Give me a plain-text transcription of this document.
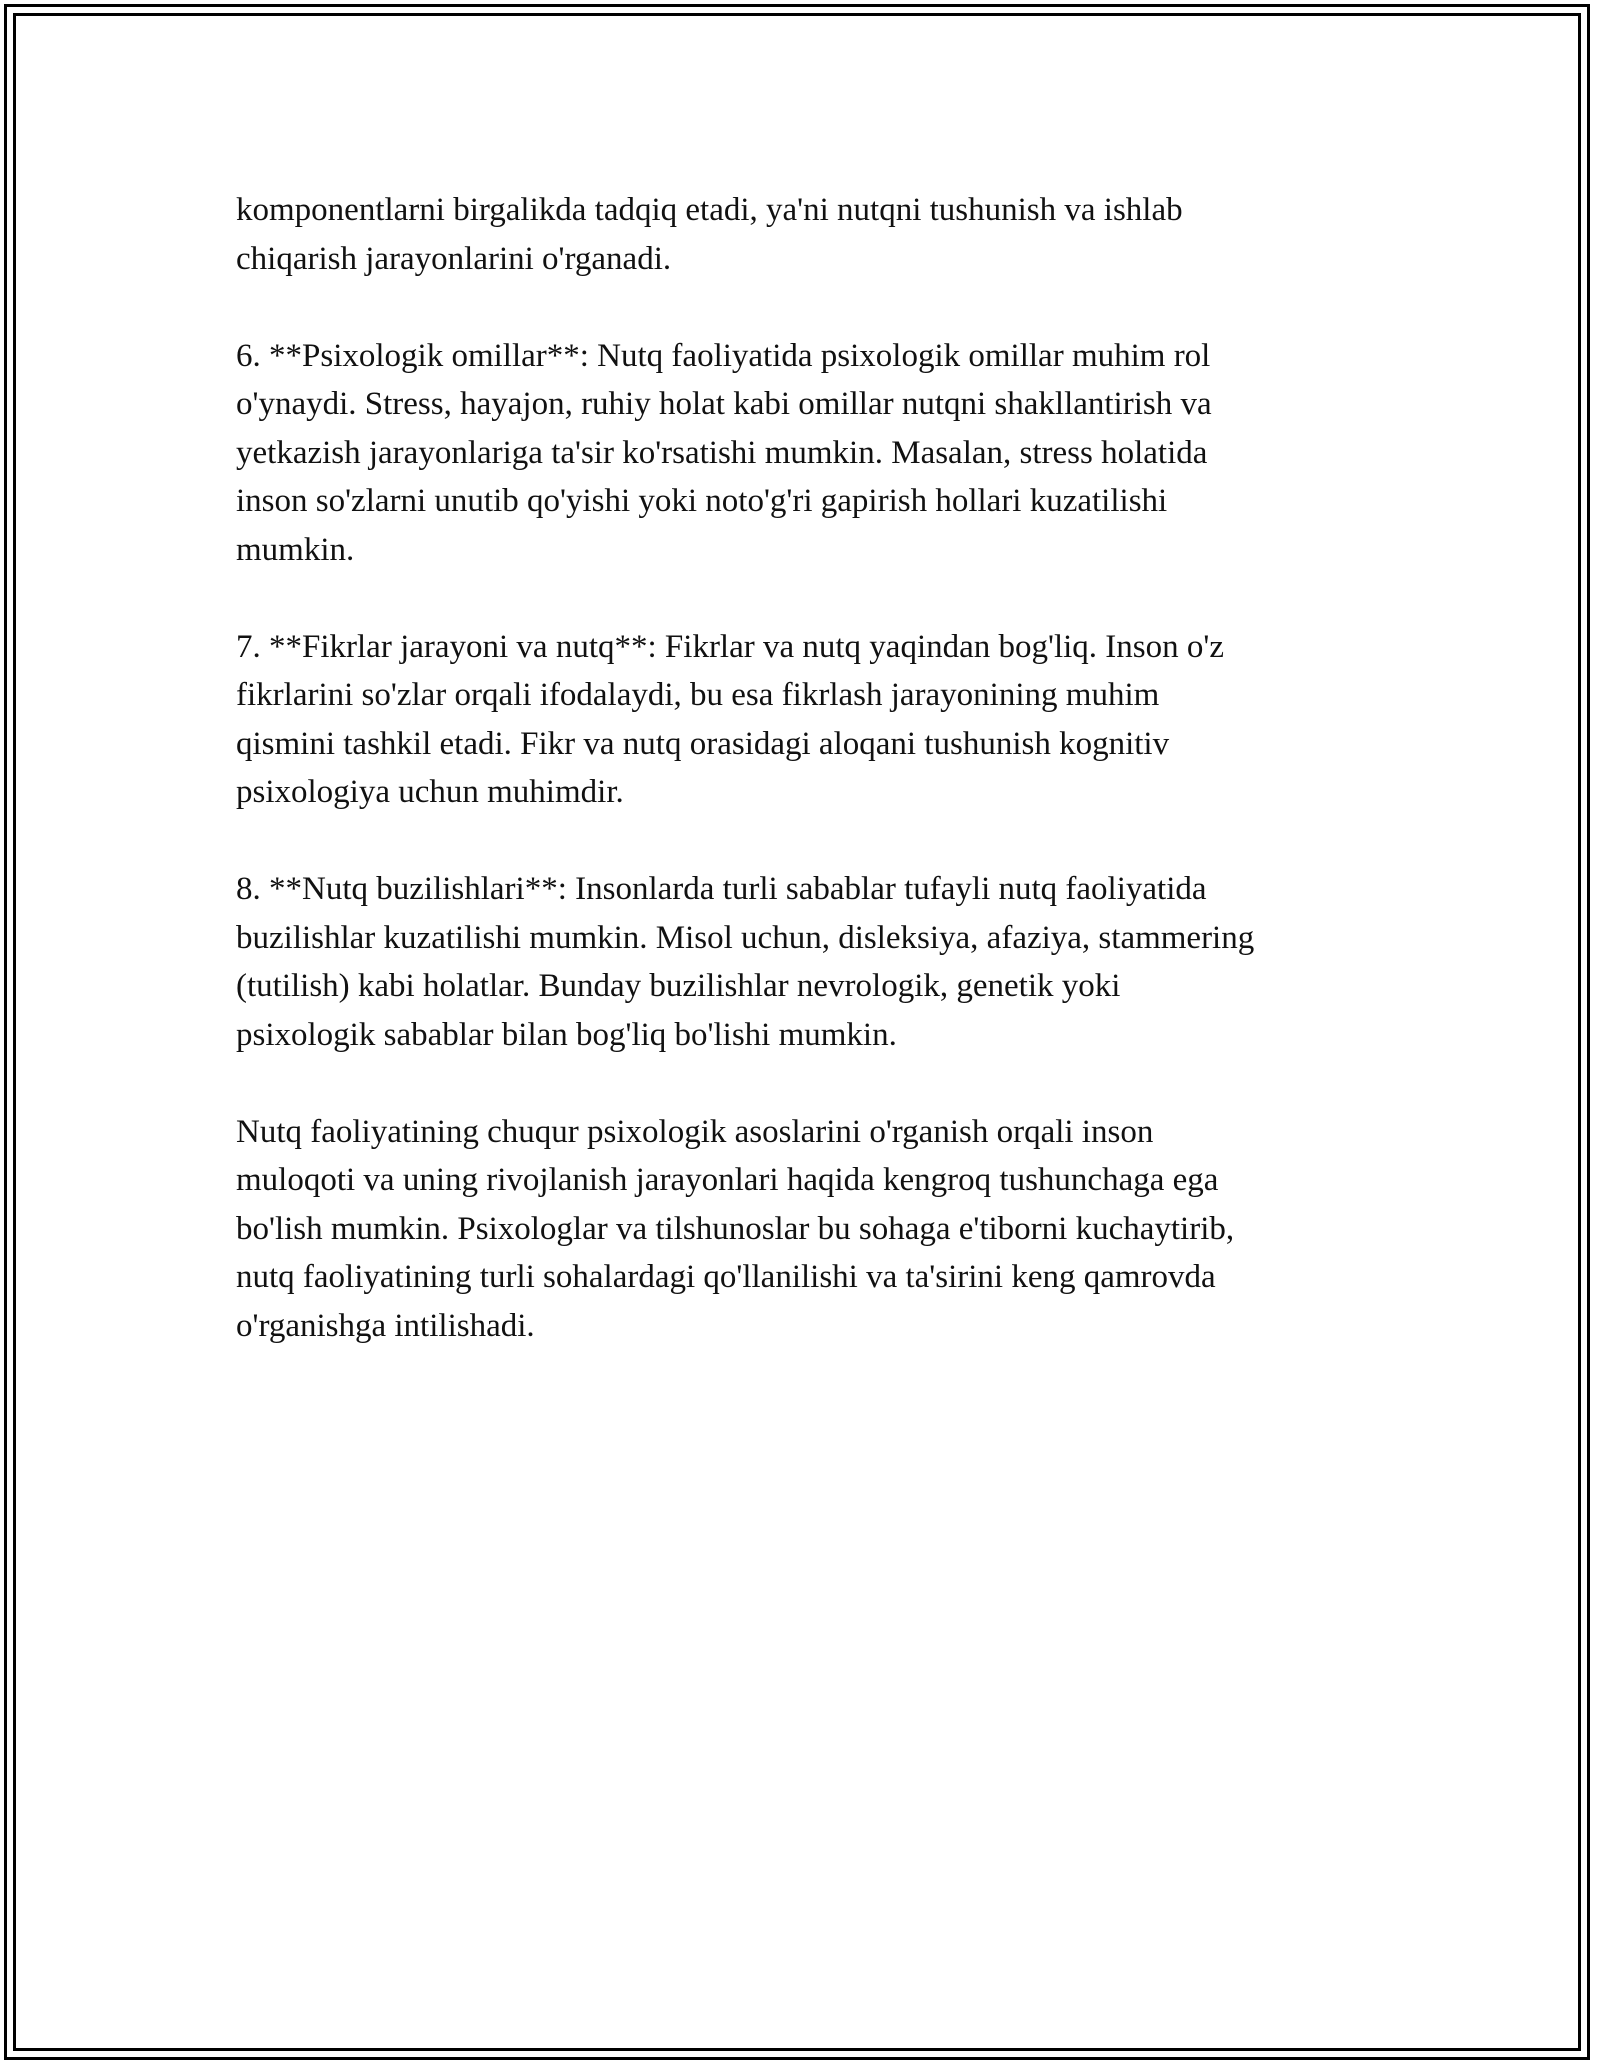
komponentlarni birgalikda tadqiq etadi, ya'ni nutqni tushunish va ishlab
chiqarish jarayonlarini o'rganadi.

6. **Psixologik omillar**: Nutq faoliyatida psixologik omillar muhim rol
o'ynaydi. Stress, hayajon, ruhiy holat kabi omillar nutqni shakllantirish va
yetkazish jarayonlariga ta'sir ko'rsatishi mumkin. Masalan, stress holatida
inson so'zlarni unutib qo'yishi yoki noto'g'ri gapirish hollari kuzatilishi
mumkin.

7. **Fikrlar jarayoni va nutq**: Fikrlar va nutq yaqindan bog'liq. Inson o'z
fikrlarini so'zlar orqali ifodalaydi, bu esa fikrlash jarayonining muhim
qismini tashkil etadi. Fikr va nutq orasidagi aloqani tushunish kognitiv
psixologiya uchun muhimdir.

8. **Nutq buzilishlari**: Insonlarda turli sabablar tufayli nutq faoliyatida
buzilishlar kuzatilishi mumkin. Misol uchun, disleksiya, afaziya, stammering
(tutilish) kabi holatlar. Bunday buzilishlar nevrologik, genetik yoki
psixologik sabablar bilan bog'liq bo'lishi mumkin.

Nutq faoliyatining chuqur psixologik asoslarini o'rganish orqali inson
muloqoti va uning rivojlanish jarayonlari haqida kengroq tushunchaga ega
bo'lish mumkin. Psixologlar va tilshunoslar bu sohaga e'tiborni kuchaytirib,
nutq faoliyatining turli sohalardagi qo'llanilishi va ta'sirini keng qamrovda
o'rganishga intilishadi.
